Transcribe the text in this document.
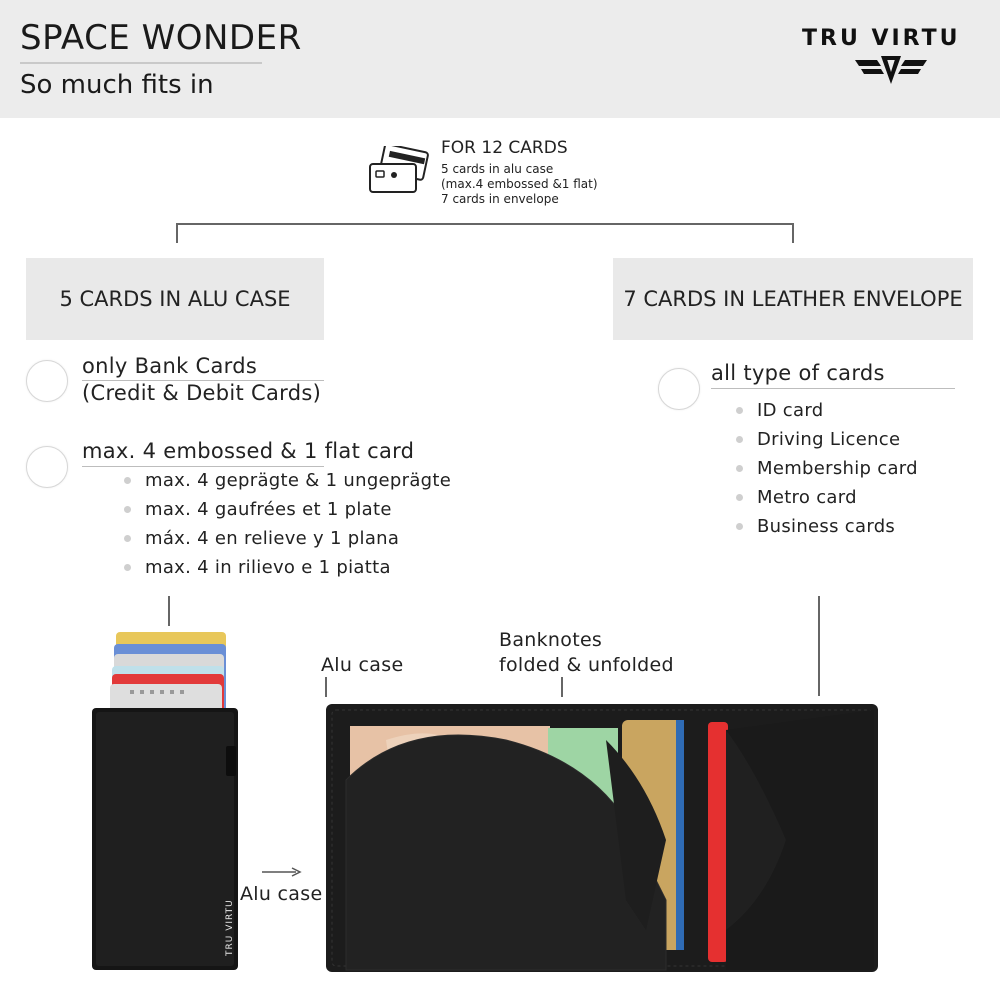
SPACE WONDER
So much fits in
TRU VIRTU
FOR 12 CARDS
5 cards in alu case
(max.4 embossed &1 flat)
7 cards in envelope
5 CARDS IN ALU CASE	7 CARDS IN LEATHER ENVELOPE
only Bank Cards
(Credit & Debit Cards)
max. 4 embossed & 1 flat card
max. 4 geprägte & 1 ungeprägte
max. 4 gaufrées et 1 plate
máx. 4 en relieve y 1 plana
max. 4 in rilievo e 1 piatta
all type of cards
ID card
Driving Licence
Membership card
Metro card
Business cards
Alu case
Banknotes
folded & unfolded
Alu case
TRU VIRTU
